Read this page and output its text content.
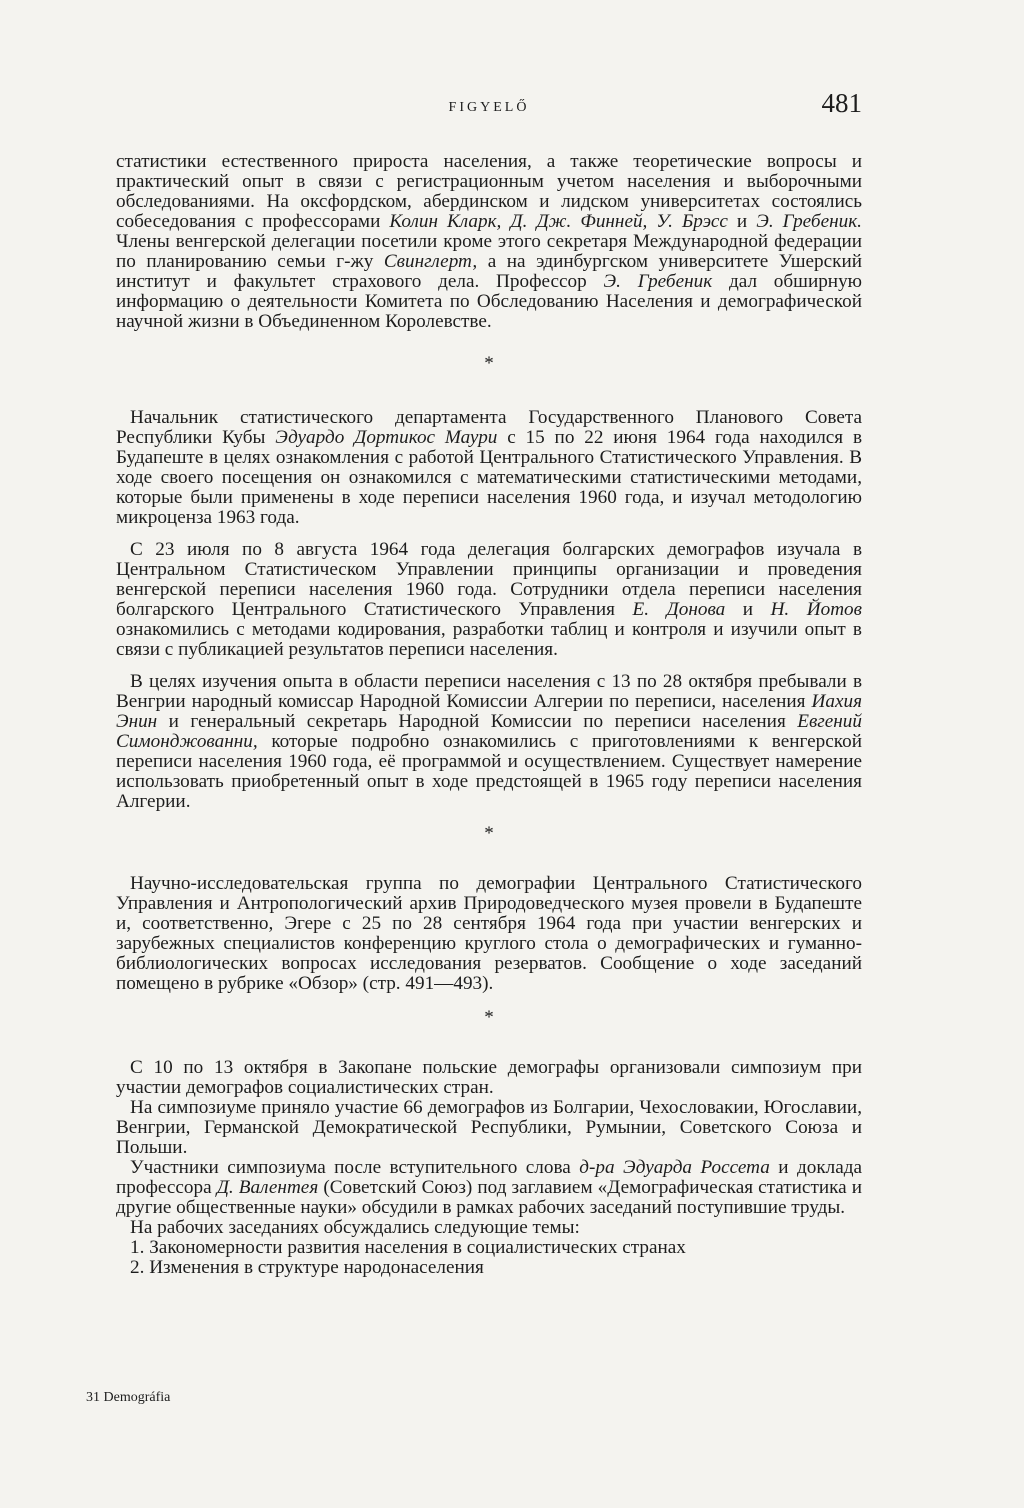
FIGYELŐ	481

статистики естественного прироста населения, а также теоретические вопросы и практический опыт в связи с регистрационным учетом населения и выборочными обследованиями. На оксфордском, абердинском и лидском университетах состоялись собеседования с профессорами Колин Кларк, Д. Дж. Финней, У. Брэсс и Э. Гребеник. Члены венгерской делегации посетили кроме этого секретаря Международной федерации по планированию семьи г-жу Свинглерт, а на эдинбургском университете Ушерский институт и факультет страхового дела. Профессор Э. Гребеник дал обширную информацию о деятельности Комитета по Обследованию Населения и демографической научной жизни в Объединенном Королевстве.

*

Начальник статистического департамента Государственного Планового Совета Республики Кубы Эдуардо Дортикос Маури с 15 по 22 июня 1964 года находился в Будапеште в целях ознакомления с работой Центрального Статистического Управления. В ходе своего посещения он ознакомился с математическими статистическими методами, которые были применены в ходе переписи населения 1960 года, и изучал методологию микроценза 1963 года.

С 23 июля по 8 августа 1964 года делегация болгарских демографов изучала в Центральном Статистическом Управлении принципы организации и проведения венгерской переписи населения 1960 года. Сотрудники отдела переписи населения болгарского Центрального Статистического Управления Е. Донова и Н. Йотов ознакомились с методами кодирования, разработки таблиц и контроля и изучили опыт в связи с публикацией результатов переписи населения.

В целях изучения опыта в области переписи населения с 13 по 28 октября пребывали в Венгрии народный комиссар Народной Комиссии Алгерии по переписи, населения Иахия Энин и генеральный секретарь Народной Комиссии по переписи населения Евгений Симонджованни, которые подробно ознакомились с приготовлениями к венгерской переписи населения 1960 года, её программой и осуществлением. Существует намерение использовать приобретенный опыт в ходе предстоящей в 1965 году переписи населения Алгерии.

*

Научно-исследовательская группа по демографии Центрального Статистического Управления и Антропологический архив Природоведческого музея провели в Будапеште и, соответственно, Эгере с 25 по 28 сентября 1964 года при участии венгерских и зарубежных специалистов конференцию круглого стола о демографических и гуманно-библиологических вопросах исследования резерватов. Сообщение о ходе заседаний помещено в рубрике «Обзор» (стр. 491—493).

*

С 10 по 13 октября в Закопане польские демографы организовали симпозиум при участии демографов социалистических стран.

На симпозиуме приняло участие 66 демографов из Болгарии, Чехословакии, Югославии, Венгрии, Германской Демократической Республики, Румынии, Советского Союза и Польши.

Участники симпозиума после вступительного слова д-ра Эдуарда Россета и доклада профессора Д. Валентея (Советский Союз) под заглавием «Демографическая статистика и другие общественные науки» обсудили в рамках рабочих заседаний поступившие труды.

На рабочих заседаниях обсуждались следующие темы:

1. Закономерности развития населения в социалистических странах

2. Изменения в структуре народонаселения

31 Demográfia
